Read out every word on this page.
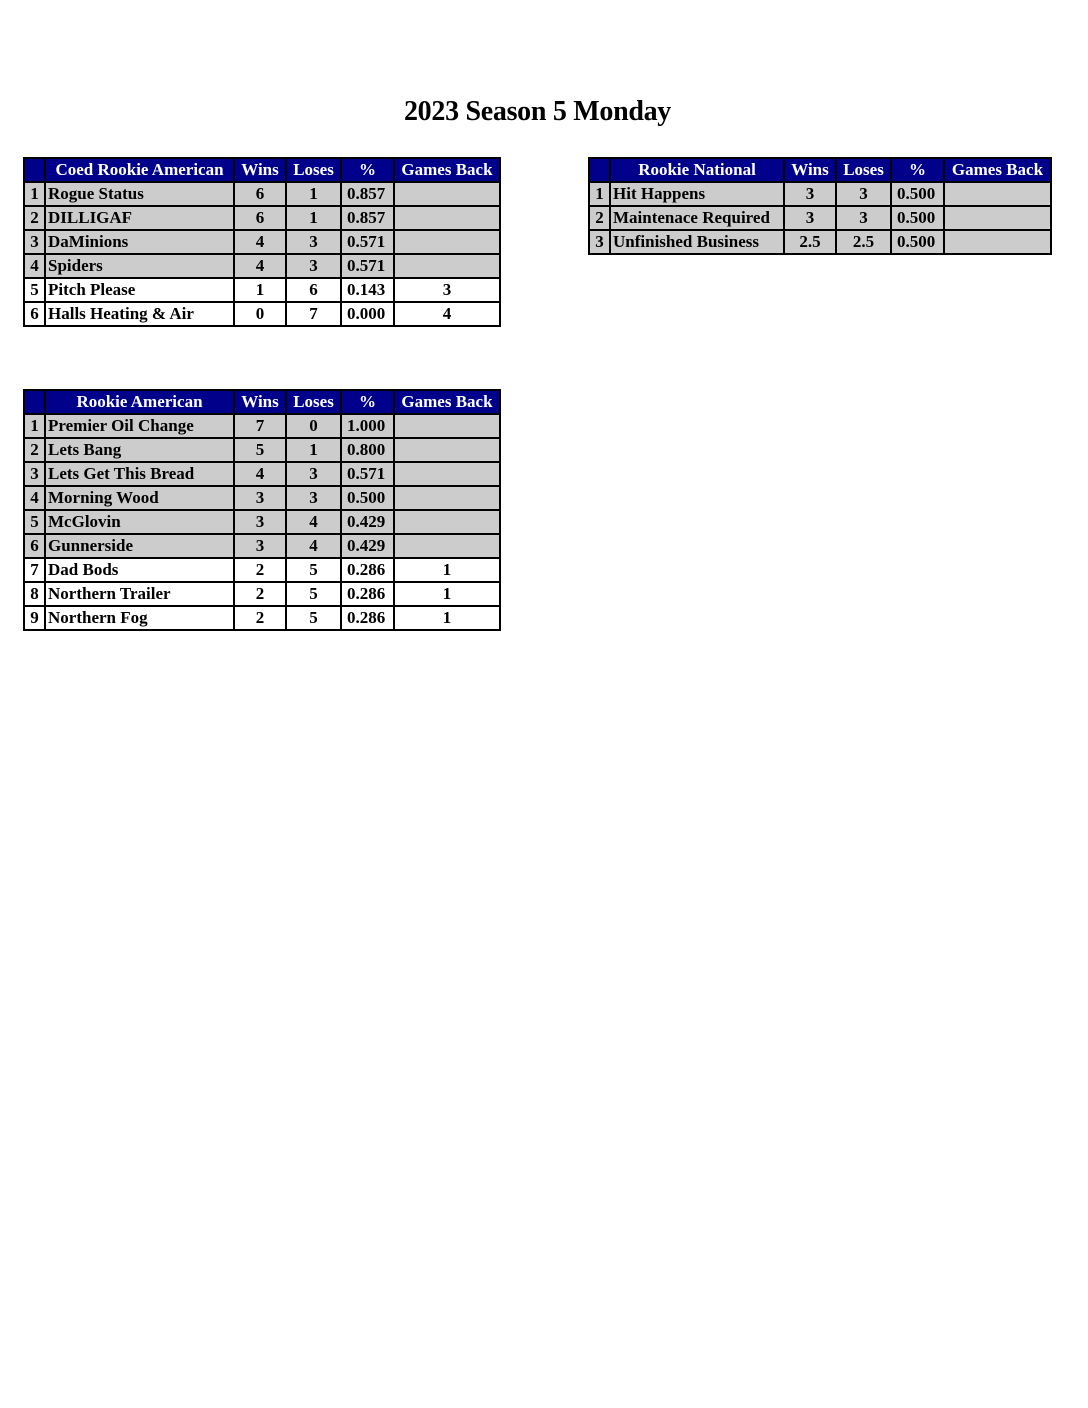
2023 Season 5 Monday
	Coed Rookie American	Wins	Loses	%	Games Back
1	Rogue Status	6	1	0.857	
2	DILLIGAF	6	1	0.857	
3	DaMinions	4	3	0.571	
4	Spiders	4	3	0.571	
5	Pitch Please	1	6	0.143	3
6	Halls Heating & Air	0	7	0.000	4
	Rookie National	Wins	Loses	%	Games Back
1	Hit Happens	3	3	0.500	
2	Maintenace Required	3	3	0.500	
3	Unfinished Business	2.5	2.5	0.500	
	Rookie American	Wins	Loses	%	Games Back
1	Premier Oil Change	7	0	1.000	
2	Lets Bang	5	1	0.800	
3	Lets Get This Bread	4	3	0.571	
4	Morning Wood	3	3	0.500	
5	McGlovin	3	4	0.429	
6	Gunnerside	3	4	0.429	
7	Dad Bods	2	5	0.286	1
8	Northern Trailer	2	5	0.286	1
9	Northern Fog	2	5	0.286	1
